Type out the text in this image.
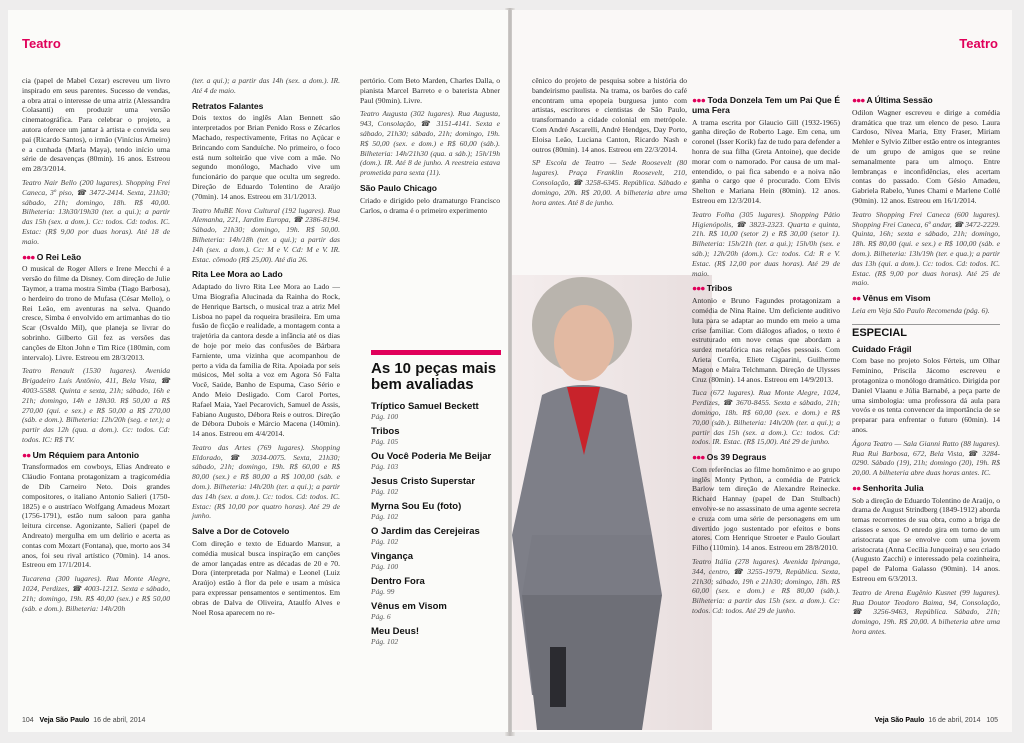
Teatro

cia (papel de Mabel Cezar) escreveu um livro inspirado em seus parentes. Sucesso de vendas, a obra atrai o interesse de uma atriz (Alessandra Colasanti) em produzir uma versão cinematográfica. Para celebrar o projeto, a autora oferece um jantar à artista e convida seu pai (Ricardo Santos), o irmão (Vinícius Arneiro) e a cunhada (Marla Maya), tendo início uma série de desavenças (80min). 16 anos. Estreou em 28/3/2014.

Teatro Nair Bello (200 lugares). Shopping Frei Caneca, 3º piso, ☎ 3472-2414. Sexta, 21h30; sábado, 21h; domingo, 18h. R$ 40,00. Bilheteria: 13h30/19h30 (ter. a qui.); a partir das 15h (sex. a dom.). Cc: todos. Cd: todos. IC. Estac: (R$ 9,00 por duas horas). Até 18 de maio.

●●● O Rei Leão

O musical de Roger Allers e Irene Mecchi é a versão do filme da Disney. Com direção de Julie Taymor, a trama mostra Simba (Tiago Barbosa), o herdeiro do trono de Mufasa (César Mello), o Rei Leão, em aventuras na selva. Quando cresce, Simba é envolvido em artimanhas do tio Scar (Osvaldo Mil), que planeja se livrar do sobrinho. Gilberto Gil fez as versões das canções de Elton John e Tim Rice (180min, com intervalo). Livre. Estreou em 28/3/2013.

Teatro Renault (1530 lugares). Avenida Brigadeiro Luís Antônio, 411, Bela Vista, ☎ 4003-5588. Quinta e sexta, 21h; sábado, 16h e 21h; domingo, 14h e 18h30. R$ 50,00 a R$ 270,00 (qui. e sex.) e R$ 50,00 a R$ 270,00 (sáb. e dom.). Bilheteria: 12h/20h (seg. e ter.); a partir das 12h (qua. a dom.). Cc: todos. Cd: todos. IC: R$ TV.

●● Um Réquiem para Antonio

Transformados em cowboys, Elias Andreato e Cláudio Fontana protagonizam a tragicomédia de Dib Carneiro Neto. Dois grandes compositores, o italiano Antonio Salieri (1750-1825) e o austríaco Wolfgang Amadeus Mozart (1756-1791), estão num saloon para ganha leitura circense. Agonizante, Salieri (papel de Andreato) mergulha em um delírio e acerta as contas com Mozart (Fontana), que, morto aos 34 anos, foi seu rival artístico (70min). 14 anos. Estreou em 17/1/2014.

Tucarena (300 lugares). Rua Monte Alegre, 1024, Perdizes, ☎ 4003-1212. Sexta e sábado, 21h; domingo, 19h. R$ 40,00 (sex.) e R$ 50,00 (sáb. e dom.). Bilheteria: 14h/20h

(ter. a qui.); a partir das 14h (sex. a dom.). IR. Até 4 de maio.

Retratos Falantes

Dois textos do inglês Alan Bennett são interpretados por Brian Penido Ross e Zécarlos Machado, respectivamente, Fritas no Açúcar e Brincando com Sanduíche. No primeiro, o foco está num solteirão que vive com a mãe. No segundo monólogo, Machado vive um funcionário do parque que oculta um segredo. Direção de Eduardo Tolentino de Araújo (70min). 14 anos. Estreou em 31/1/2013.

Teatro MuBE Nova Cultural (192 lugares). Rua Alemanha, 221, Jardim Europa, ☎ 2386-8194. Sábado, 21h30; domingo, 19h. R$ 50,00. Bilheteria: 14h/18h (ter. a qui.); a partir das 14h (sex. a dom.). Cc: M e V. Cd: M e V. IR. Estac. cômodo (R$ 25,00). Até dia 26.

Rita Lee Mora ao Lado

Adaptado do livro Rita Lee Mora ao Lado — Uma Biografia Alucinada da Rainha do Rock, de Henrique Bartsch, o musical traz a atriz Mel Lisboa no papel da roqueira brasileira. Em uma fusão de ficção e realidade, a montagem conta a trajetória da cantora desde a infância até os dias de hoje por meio das confusões de Bárbara Farniente, uma vizinha que acompanhou de perto a vida da família de Rita. Apoiada por seis músicos, Mel solta a voz em Agora Só Falta Você, Saúde, Banho de Espuma, Caso Sério e Ando Meio Desligado. Com Carol Portes, Rafael Maia, Yael Pecarovich, Samuel de Assis, Fabiano Augusto, Débora Reis e outros. Direção de Débora Dubois e Márcio Macena (140min). 14 anos. Estreou em 4/4/2014.

Teatro das Artes (769 lugares). Shopping Eldorado, ☎ 3034-0075. Sexta, 21h30; sábado, 21h; domingo, 19h. R$ 60,00 e R$ 80,00 (sex.) e R$ 80,00 a R$ 100,00 (sáb. e dom.). Bilheteria: 14h/20h (ter. a qui.); a partir das 14h (sex. a dom.). Cc: todos. Cd: todos. IC. Estac: (R$ 10,00 por quatro horas). Até 29 de junho.

Salve a Dor de Cotovelo

Com direção e texto de Eduardo Mansur, a comédia musical busca inspiração em canções de amor lançadas entre as décadas de 20 e 70. Dora (interpretada por Nalma) e Leonel (Luiz Araújo) estão à flor da pele e usam a música para expressar pensamentos e sentimentos. Em obras de Dalva de Oliveira, Ataulfo Alves e Noel Rosa aparecem no re-

pertório. Com Beto Marden, Charles Dalla, o pianista Marcel Barreto e o baterista Abner Paul (90min). Livre.

Teatro Augusta (302 lugares). Rua Augusta, 943, Consolação, ☎ 3151-4141. Sexta e sábado, 21h30; sábado, 21h; domingo, 19h. R$ 50,00 (sex. e dom.) e R$ 60,00 (sáb.). Bilheteria: 14h/21h30 (qua. a sáb.); 15h/19h (dom.). IR. Até 8 de junho. A reestreia estava prometida para sexta (11).

São Paulo Chicago

Criado e dirigido pelo dramaturgo Francisco Carlos, o drama é o primeiro experimento

As 10 peças mais bem avaliadas
Tríptico Samuel Beckett
Pág. 100
Tribos
Pág. 105
Ou Você Poderia Me Beijar
Pág. 103
Jesus Cristo Superstar
Pág. 102
Myrna Sou Eu (foto)
Pág. 102
O Jardim das Cerejeiras
Pág. 102
Vingança
Pág. 100
Dentro Fora
Pág. 99
Vênus em Visom
Pág. 6
Meu Deus!
Pág. 102
104 Veja São Paulo 16 de abril, 2014
Teatro

cênico do projeto de pesquisa sobre a história do bandeirismo paulista. Na trama, os barões do café encontram uma epopeia burguesa junto com artistas, escritores e cientistas de São Paulo, transformando a cidade colonial em metrópole. Com André Ascarelli, André Hendges, Day Porto, Eloisa Leão, Luciana Canton, Ricardo Nash e outros (80min). 14 anos. Estreou em 22/3/2014.

SP Escola de Teatro — Sede Roosevelt (80 lugares). Praça Franklin Roosevelt, 210, Consolação, ☎ 3258-6345. República. Sábado e domingo, 20h. R$ 20,00. A bilheteria abre uma hora antes. Até 8 de junho.

●●● Toda Donzela Tem um Pai Que É uma Fera

A trama escrita por Glaucio Gill (1932-1965) ganha direção de Roberto Lage. Em cena, um coronel (Isser Korik) faz de tudo para defender a honra de sua filha (Greta Antoine), que decide morar com o namorado. Por causa de um mal-entendido, o pai fica sabendo e a noiva não ganha o cargo que é procurado. Com Elvis Shelton e Mariana Hein (80min). 12 anos. Estreou em 12/3/2014.

Teatro Folha (305 lugares). Shopping Pátio Higienópolis, ☎ 3823-2323. Quarta e quinta, 21h. R$ 10,00 (setor 2) e R$ 30,00 (setor 1). Bilheteria: 15h/21h (ter. a qui.); 15h/0h (sex. e sáb.); 12h/20h (dom.). Cc: todos. Cd: R e V. Estac. (R$ 12,00 por duas horas). Até 29 de maio.

●●● Tribos

Antonio e Bruno Fagundes protagonizam a comédia de Nina Raine. Um deficiente auditivo luta para se adaptar ao mundo em meio a uma crise familiar. Com diálogos afiados, o texto é estruturado em nove cenas que abordam a surdez metafórica nas relações pessoais. Com Arieta Corrêa, Eliete Cigaarini, Guilherme Magon e Maíra Telchmann. Direção de Ulysses Cruz (80min). 14 anos. Estreou em 14/9/2013.

Tuca (672 lugares). Rua Monte Alegre, 1024, Perdizes, ☎ 3670-8455. Sexta e sábado, 21h; domingo, 18h. R$ 60,00 (sex. e dom.) e R$ 70,00 (sáb.). Bilheteria: 14h/20h (ter. a qui.); a partir das 15h (sex. a dom.). Cc: todos. Cd: todos. IR. Estac. (R$ 15,00). Até 29 de junho.

●●● Os 39 Degraus

Com referências ao filme homônimo e ao grupo inglês Monty Python, a comédia de Patrick Barlow tem direção de Alexandre Reinecke. Richard Hannay (papel de Dan Stulbach) envolve-se no assassinato de uma agente secreta e cruza com uma série de personagens em um divertido jogo sustentado por efeitos e bons atores. Com Henrique Stroeter e Paulo Goulart Filho (110min). 14 anos. Estreou em 28/8/2010.

Teatro Itália (278 lugares). Avenida Ipiranga, 344, centro, ☎ 3255-1979, República. Sexta, 21h30; sábado, 19h e 21h30; domingo, 18h. R$ 60,00 (sex. e dom.) e R$ 80,00 (sáb.). Bilheteria: a partir das 15h (sex. a dom.). Cc: todos. Cd: todos. Até 29 de junho.

●●● A Última Sessão

Odilon Wagner escreveu e dirige a comédia dramática que traz um elenco de peso. Laura Cardoso, Nívea Maria, Etty Fraser, Miriam Mehler e Sylvio Zilber estão entre os integrantes de um grupo de amigos que se reúne semanalmente para um almoço. Entre lembranças e inconfidências, eles acertam contas do passado. Com Gésio Amadeu, Gabriela Rabelo, Yunes Chami e Marlene Collé (90min). 12 anos. Estreou em 16/1/2014.

Teatro Shopping Frei Caneca (600 lugares). Shopping Frei Caneca, 6º andar, ☎ 3472-2229. Quinta, 16h; sexta e sábado, 21h; domingo, 18h. R$ 80,00 (qui. e sex.) e R$ 100,00 (sáb. e dom.). Bilheteria: 13h/19h (ter. e qua.); a partir das 13h (qui. a dom.). Cc: todos. Cd: todos. IC. Estac. (R$ 9,00 por duas horas). Até 25 de maio.

●● Vênus em Visom

Leia em Veja São Paulo Recomenda (pág. 6).

ESPECIAL
Cuidado Frágil

Com base no projeto Solos Férteis, um Olhar Feminino, Priscila Jácomo escreveu e protagoniza o monólogo dramático. Dirigida por Daniel Vlaanu e Júlia Barnabé, a peça parte de uma simbologia: uma professora dá aula para vovós e os tenta convencer da importância de se preparar para enfrentar o futuro (60min). 14 anos.

Ágora Teatro — Sala Gianni Ratto (88 lugares). Rua Rui Barbosa, 672, Bela Vista, ☎ 3284-0290. Sábado (19), 21h; domingo (20), 19h. R$ 20,00. A bilheteria abre duas horas antes. IC.

●● Senhorita Julia

Sob a direção de Eduardo Tolentino de Araújo, o drama de August Strindberg (1849-1912) aborda temas recorrentes de sua obra, como a briga de classes e sexos. O enredo gira em torno de um aristocrata que se envolve com uma jovem aristocrata (Anna Cecília Junqueira) e seu criado (Augusto Zacchi) e interessado pela cozinheira, papel de Paloma Galasso (90min). 14 anos. Estreou em 6/3/2013.

Teatro de Arena Eugênio Kusnet (99 lugares). Rua Doutor Teodoro Baima, 94, Consolação, ☎ 3256-9463, República. Sábado, 21h; domingo, 19h. R$ 20,00. A bilheteria abre uma hora antes.

Veja São Paulo 16 de abril, 2014 105
